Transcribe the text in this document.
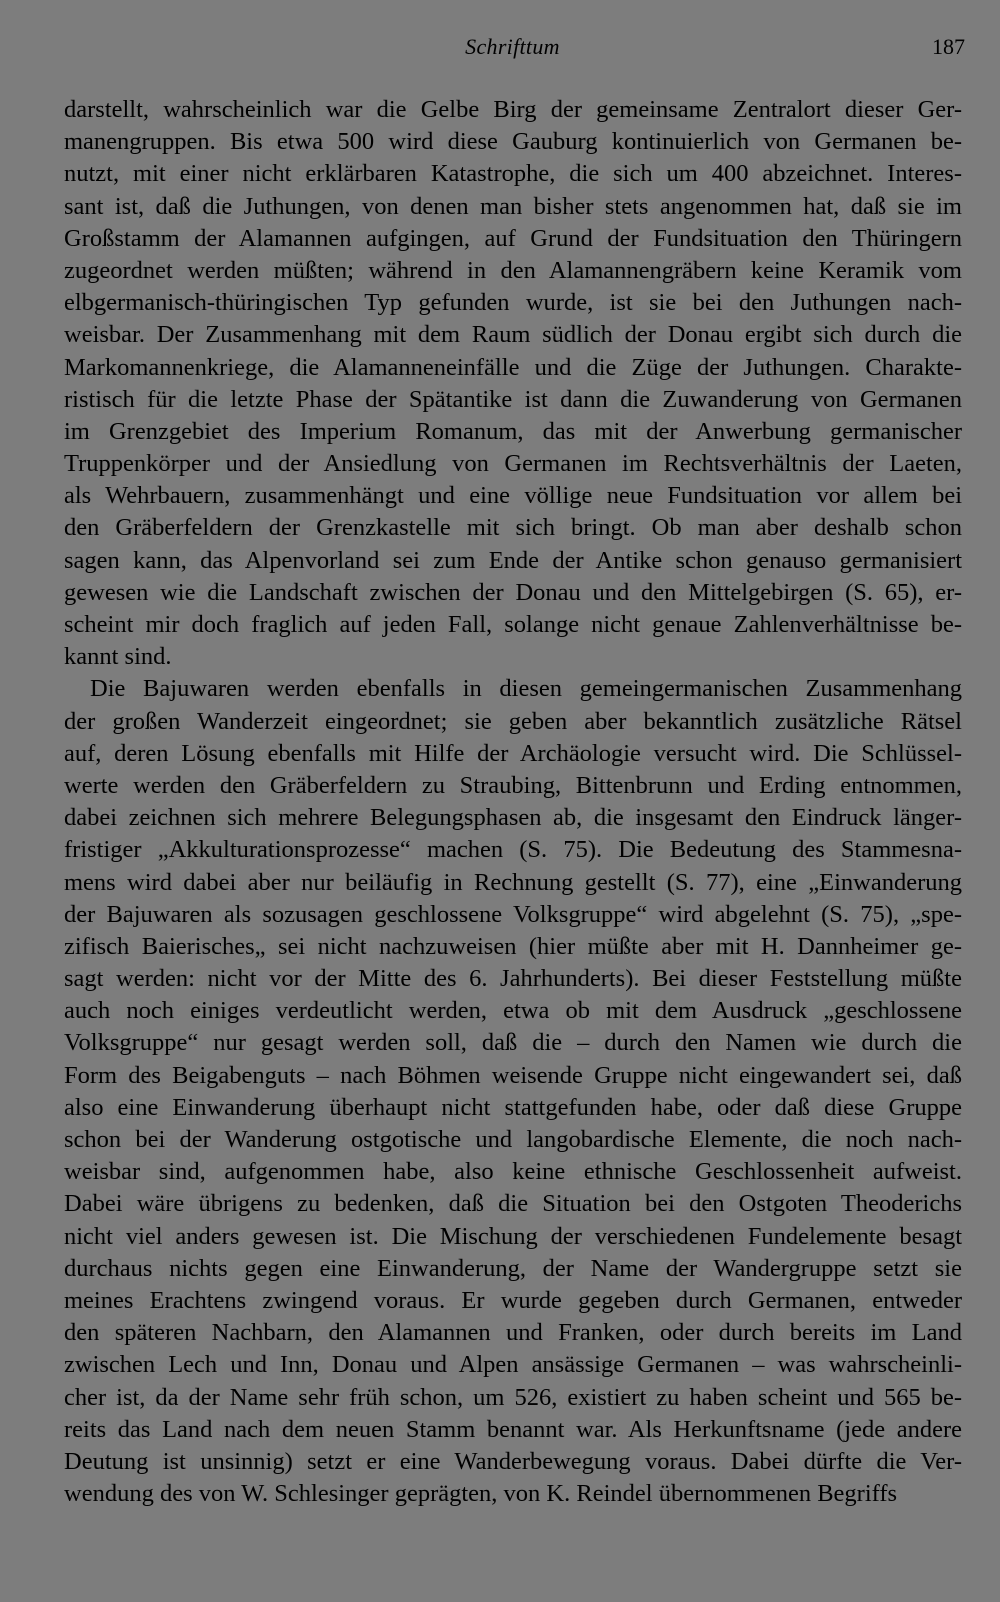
Schrifttum	187
darstellt, wahrscheinlich war die Gelbe Birg der gemeinsame Zentralort dieser Ger-
manengruppen. Bis etwa 500 wird diese Gauburg kontinuierlich von Germanen be-
nutzt, mit einer nicht erklärbaren Katastrophe, die sich um 400 abzeichnet. Interes-
sant ist, daß die Juthungen, von denen man bisher stets angenommen hat, daß sie im
Großstamm der Alamannen aufgingen, auf Grund der Fundsituation den Thüringern
zugeordnet werden müßten; während in den Alamannengräbern keine Keramik vom
elbgermanisch-thüringischen Typ gefunden wurde, ist sie bei den Juthungen nach-
weisbar. Der Zusammenhang mit dem Raum südlich der Donau ergibt sich durch die
Markomannenkriege, die Alamanneneinfälle und die Züge der Juthungen. Charakte-
ristisch für die letzte Phase der Spätantike ist dann die Zuwanderung von Germanen
im Grenzgebiet des Imperium Romanum, das mit der Anwerbung germanischer
Truppenkörper und der Ansiedlung von Germanen im Rechtsverhältnis der Laeten,
als Wehrbauern, zusammenhängt und eine völlige neue Fundsituation vor allem bei
den Gräberfeldern der Grenzkastelle mit sich bringt. Ob man aber deshalb schon
sagen kann, das Alpenvorland sei zum Ende der Antike schon genauso germanisiert
gewesen wie die Landschaft zwischen der Donau und den Mittelgebirgen (S. 65), er-
scheint mir doch fraglich auf jeden Fall, solange nicht genaue Zahlenverhältnisse be-
kannt sind.
Die Bajuwaren werden ebenfalls in diesen gemeingermanischen Zusammenhang
der großen Wanderzeit eingeordnet; sie geben aber bekanntlich zusätzliche Rätsel
auf, deren Lösung ebenfalls mit Hilfe der Archäologie versucht wird. Die Schlüssel-
werte werden den Gräberfeldern zu Straubing, Bittenbrunn und Erding entnommen,
dabei zeichnen sich mehrere Belegungsphasen ab, die insgesamt den Eindruck länger-
fristiger „Akkulturationsprozesse“ machen (S. 75). Die Bedeutung des Stammesna-
mens wird dabei aber nur beiläufig in Rechnung gestellt (S. 77), eine „Einwanderung
der Bajuwaren als sozusagen geschlossene Volksgruppe“ wird abgelehnt (S. 75), „spe-
zifisch Baierisches„ sei nicht nachzuweisen (hier müßte aber mit H. Dannheimer ge-
sagt werden: nicht vor der Mitte des 6. Jahrhunderts). Bei dieser Feststellung müßte
auch noch einiges verdeutlicht werden, etwa ob mit dem Ausdruck „geschlossene
Volksgruppe“ nur gesagt werden soll, daß die – durch den Namen wie durch die
Form des Beigabenguts – nach Böhmen weisende Gruppe nicht eingewandert sei, daß
also eine Einwanderung überhaupt nicht stattgefunden habe, oder daß diese Gruppe
schon bei der Wanderung ostgotische und langobardische Elemente, die noch nach-
weisbar sind, aufgenommen habe, also keine ethnische Geschlossenheit aufweist.
Dabei wäre übrigens zu bedenken, daß die Situation bei den Ostgoten Theoderichs
nicht viel anders gewesen ist. Die Mischung der verschiedenen Fundelemente besagt
durchaus nichts gegen eine Einwanderung, der Name der Wandergruppe setzt sie
meines Erachtens zwingend voraus. Er wurde gegeben durch Germanen, entweder
den späteren Nachbarn, den Alamannen und Franken, oder durch bereits im Land
zwischen Lech und Inn, Donau und Alpen ansässige Germanen – was wahrscheinli-
cher ist, da der Name sehr früh schon, um 526, existiert zu haben scheint und 565 be-
reits das Land nach dem neuen Stamm benannt war. Als Herkunftsname (jede andere
Deutung ist unsinnig) setzt er eine Wanderbewegung voraus. Dabei dürfte die Ver-
wendung des von W. Schlesinger geprägten, von K. Reindel übernommenen Begriffs
